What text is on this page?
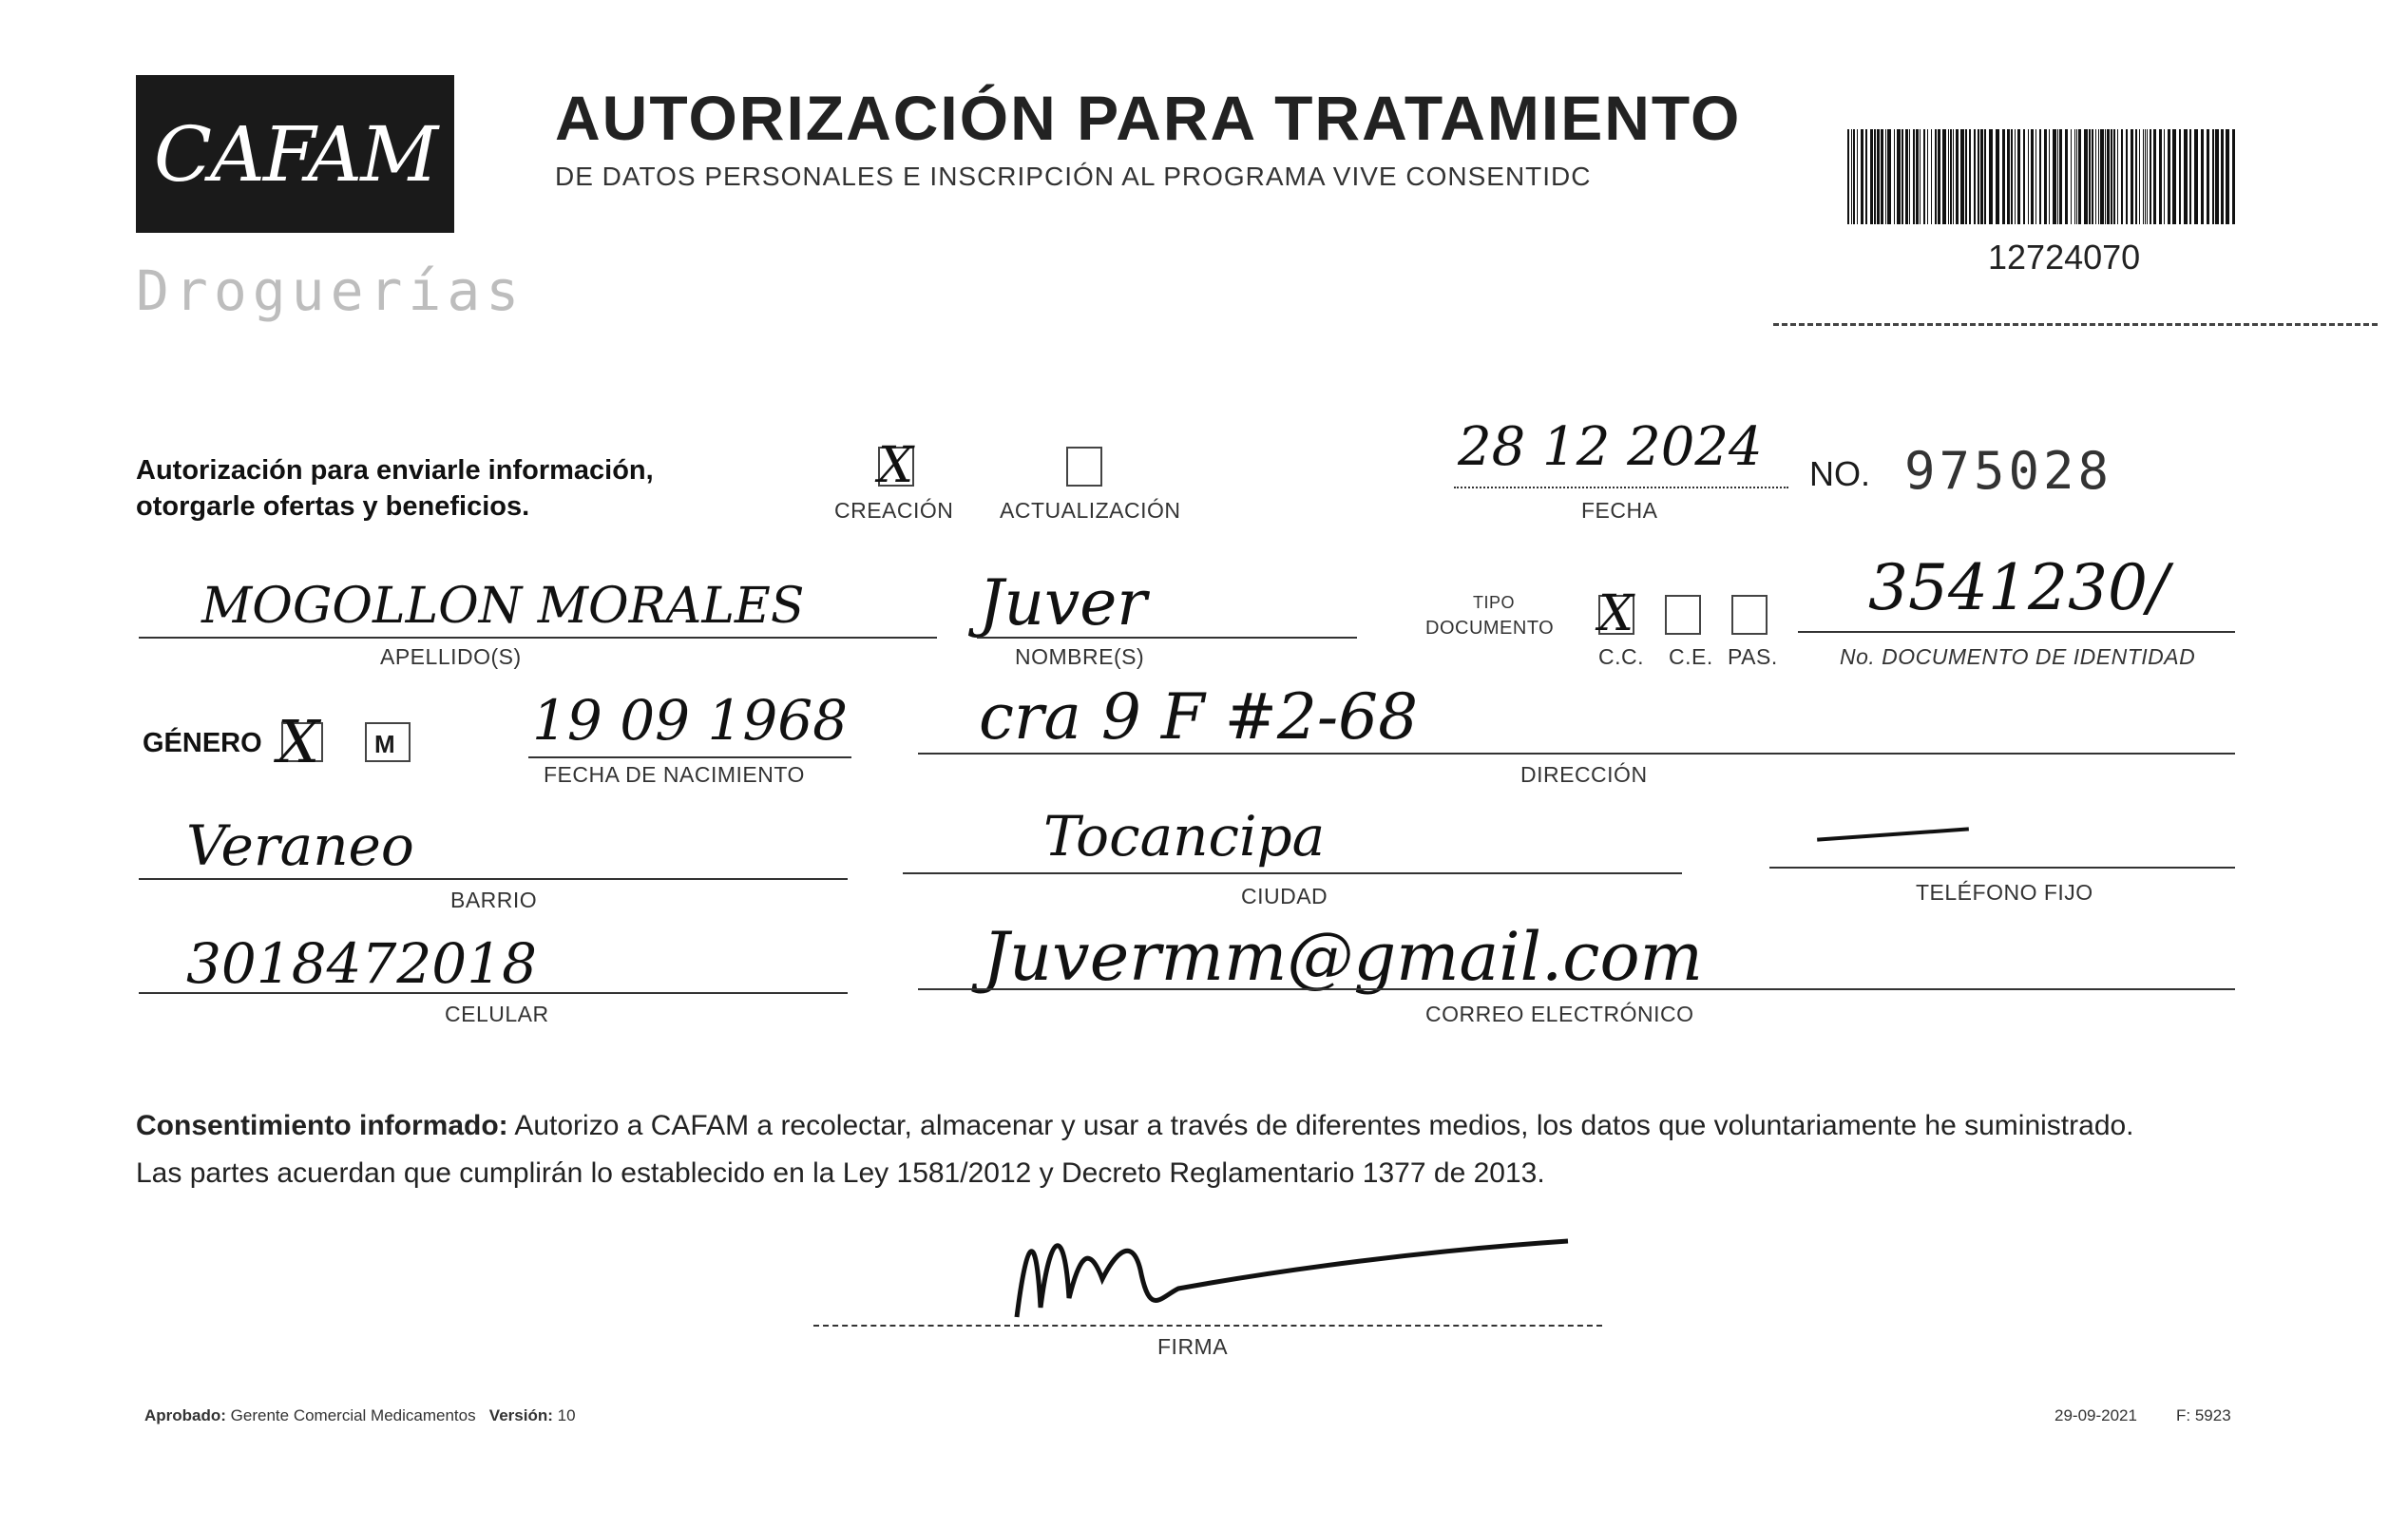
CAFAM
Droguerías
AUTORIZACIÓN PARA TRATAMIENTO
DE DATOS PERSONALES E INSCRIPCIÓN AL PROGRAMA VIVE CONSENTIDC
12724070
Autorización para enviarle información,
otorgarle ofertas y beneficios.
X
CREACIÓN ACTUALIZACIÓN
28 12 2024
FECHA
NO. 975028
MOGOLLON MORALES
APELLIDO(S)
Juver
NOMBRE(S)
TIPO
DOCUMENTO X
C.C. C.E. PAS.
3541230/
No. DOCUMENTO DE IDENTIDAD
GÉNERO X M 19 09 1968
FECHA DE NACIMIENTO
cra 9 F #2-68
DIRECCIÓN
Veraneo
BARRIO
Tocancipa
CIUDAD	TELÉFONO FIJO
3018472018
CELULAR
Juvermm@gmail.com
CORREO ELECTRÓNICO
Consentimiento informado: Autorizo a CAFAM a recolectar, almacenar y usar a través de diferentes medios, los datos que voluntariamente he suministrado.
Las partes acuerdan que cumplirán lo establecido en la Ley 1581/2012 y Decreto Reglamentario 1377 de 2013.
FIRMA
Aprobado: Gerente Comercial Medicamentos Versión: 10	29-09-2021 F: 5923
